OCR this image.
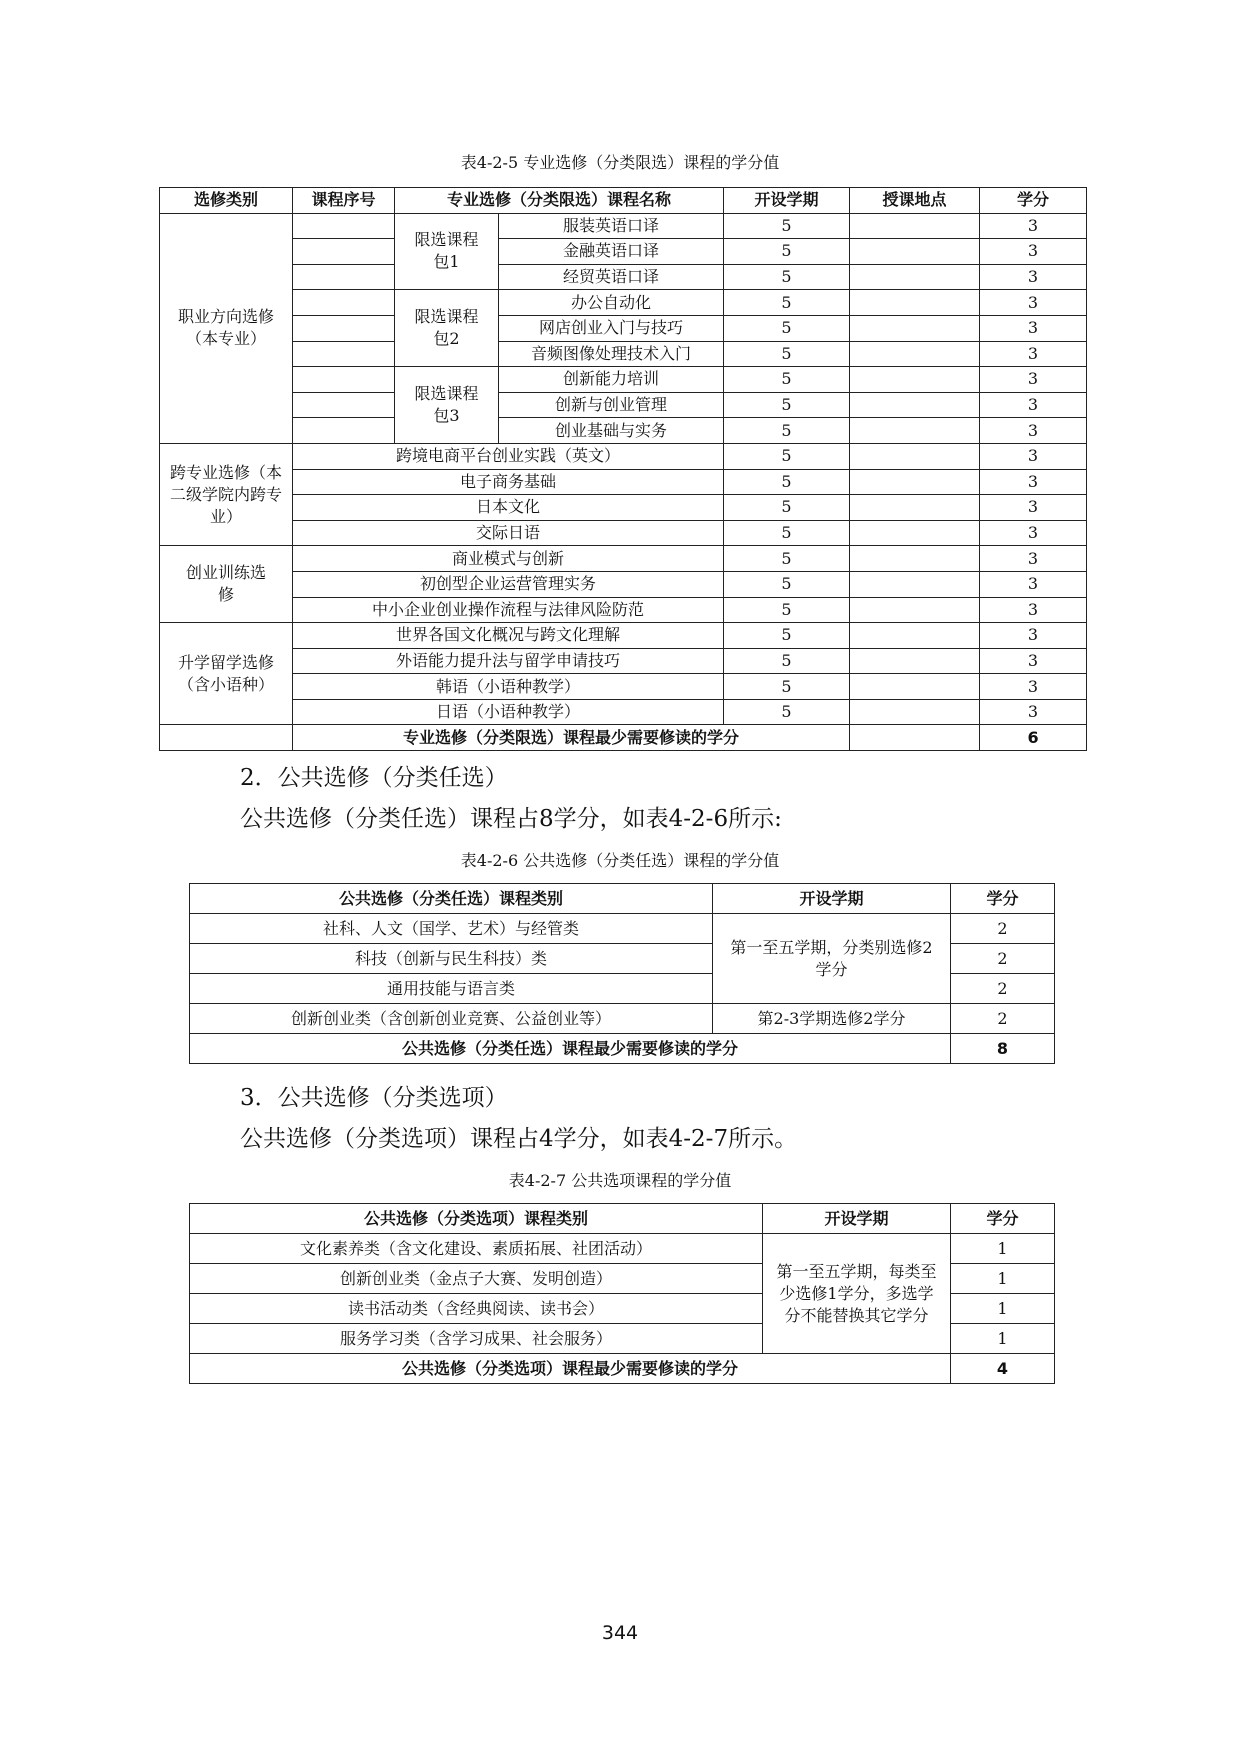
表4-2-5 专业选修（分类限选）课程的学分值
选修类别	课程序号	专业选修（分类限选）课程名称		开设学期	授课地点	学分
职业方向选修（本专业）		限选课程包1	服装英语口译	5		3
			金融英语口译	5		3
			经贸英语口译	5		3
		限选课程包2	办公自动化	5		3
			网店创业入门与技巧	5		3
			音频图像处理技术入门	5		3
		限选课程包3	创新能力培训	5		3
			创新与创业管理	5		3
			创业基础与实务	5		3
跨专业选修（本二级学院内跨专业）	跨境电商平台创业实践（英文）			5		3
	电子商务基础			5		3
	日本文化			5		3
	交际日语			5		3
创业训练选修	商业模式与创新			5		3
	初创型企业运营管理实务			5		3
	中小企业创业操作流程与法律风险防范			5		3
升学留学选修（含小语种）	世界各国文化概况与跨文化理解			5		3
	外语能力提升法与留学申请技巧			5		3
	韩语（小语种教学）			5		3
	日语（小语种教学）			5		3
	专业选修（分类限选）课程最少需要修读的学分					6
2．公共选修（分类任选）
公共选修（分类任选）课程占8学分，如表4-2-6所示:
表4-2-6 公共选修（分类任选）课程的学分值
公共选修（分类任选）课程类别	开设学期	学分
社科、人文（国学、艺术）与经管类	第一至五学期，分类别选修2学分	2
科技（创新与民生科技）类		2
通用技能与语言类		2
创新创业类（含创新创业竞赛、公益创业等）	第2-3学期选修2学分	2
公共选修（分类任选）课程最少需要修读的学分		8
3．公共选修（分类选项）
公共选修（分类选项）课程占4学分，如表4-2-7所示。
表4-2-7 公共选项课程的学分值
公共选修（分类选项）课程类别	开设学期	学分
文化素养类（含文化建设、素质拓展、社团活动）	第一至五学期，每类至少选修1学分，多选学分不能替换其它学分	1
创新创业类（金点子大赛、发明创造）		1
读书活动类（含经典阅读、读书会）		1
服务学习类（含学习成果、社会服务）		1
公共选修（分类选项）课程最少需要修读的学分		4
344
